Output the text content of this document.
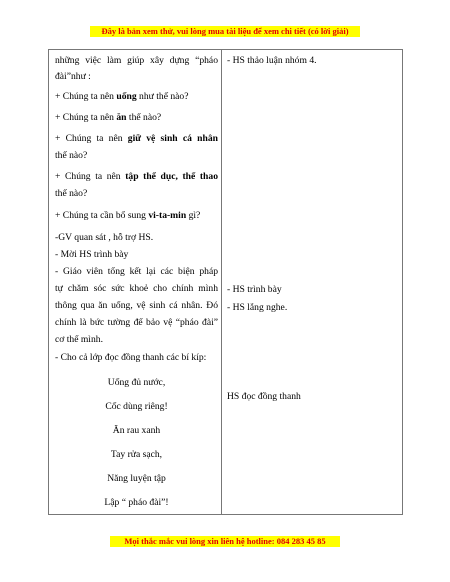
Đây là bản xem thử, vui lòng mua tài liệu để xem chi tiết (có lời giải)
những việc làm giúp xây dựng “pháo
đài”như :
+ Chúng ta nên uống như thế nào?
+ Chúng ta nên ăn thế nào?
+ Chúng ta nên giữ vệ sinh cá nhân
thế nào?
+ Chúng ta nên tập thể dục, thể thao
thế nào?
+ Chúng ta cần bổ sung vi-ta-min gì?
-GV quan sát , hỗ trợ HS.
- Mời HS trình bày
- Giáo viên tổng kết lại các biện pháp
tự chăm sóc sức khoẻ cho chính mình
thông qua ăn uống, vệ sinh cá nhân. Đó
chính là bức tường để bảo vệ “pháo đài”
cơ thể mình.
- Cho cả lớp đọc đồng thanh các bí kíp:
Uống đủ nước,
Cốc dùng riêng!
Ăn rau xanh
Tay rửa sạch,
Năng luyện tập
Lập “ pháo đài”!
- HS thảo luận nhóm 4.
- HS trình bày
- HS lắng nghe.
HS đọc đồng thanh
Mọi thắc mắc vui lòng xin liên hệ hotline: 084 283 45 85
